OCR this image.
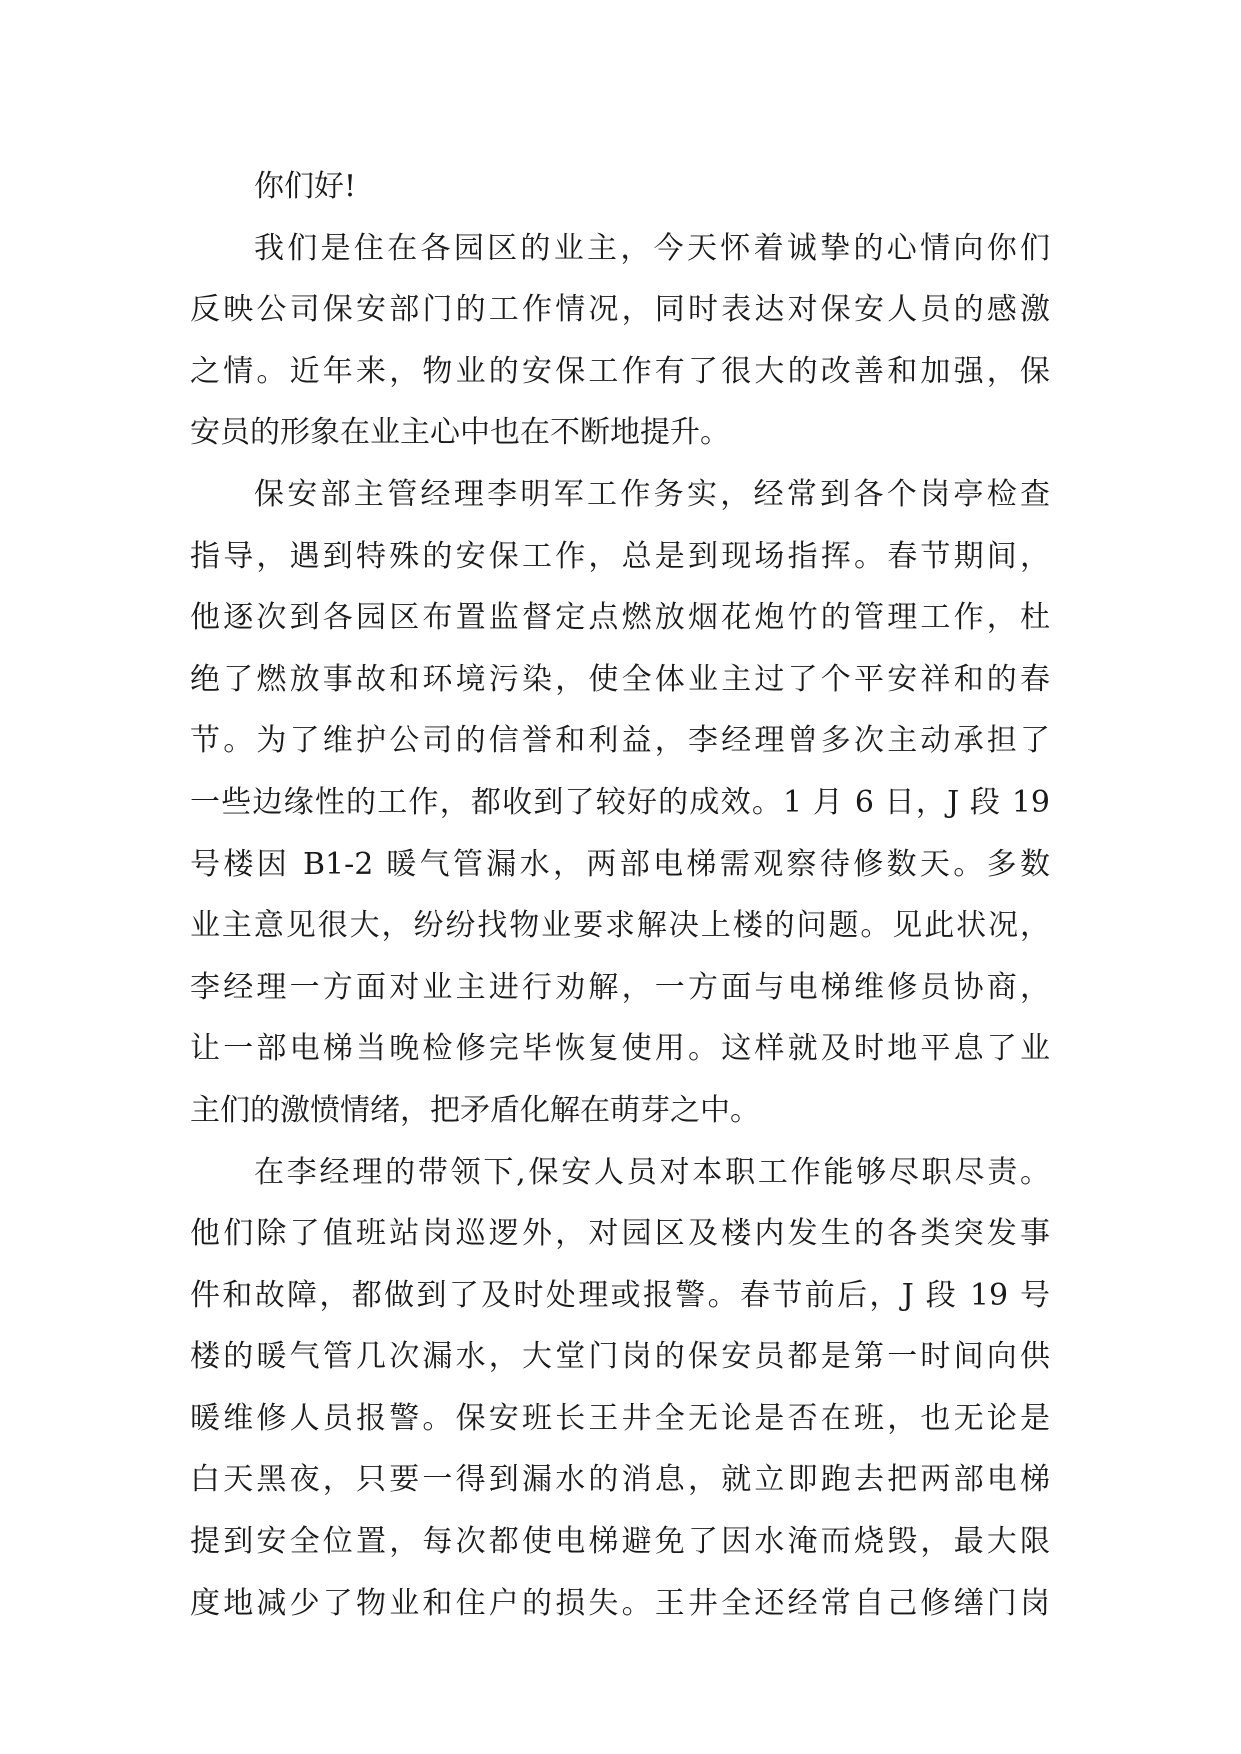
你们好!
我们是住在各园区的业主，今天怀着诚挚的心情向你们
反映公司保安部门的工作情况，同时表达对保安人员的感激
之情。近年来，物业的安保工作有了很大的改善和加强，保
安员的形象在业主心中也在不断地提升。
保安部主管经理李明军工作务实，经常到各个岗亭检查
指导，遇到特殊的安保工作，总是到现场指挥。春节期间，
他逐次到各园区布置监督定点燃放烟花炮竹的管理工作，杜
绝了燃放事故和环境污染，使全体业主过了个平安祥和的春
节。为了维护公司的信誉和利益，李经理曾多次主动承担了
一些边缘性的工作，都收到了较好的成效。1 月 6 日，J 段 19
号楼因 B1-2 暖气管漏水，两部电梯需观察待修数天。多数
业主意见很大，纷纷找物业要求解决上楼的问题。见此状况，
李经理一方面对业主进行劝解，一方面与电梯维修员协商，
让一部电梯当晚检修完毕恢复使用。这样就及时地平息了业
主们的激愤情绪，把矛盾化解在萌芽之中。
在李经理的带领下,保安人员对本职工作能够尽职尽责。
他们除了值班站岗巡逻外，对园区及楼内发生的各类突发事
件和故障，都做到了及时处理或报警。春节前后，J 段 19 号
楼的暖气管几次漏水，大堂门岗的保安员都是第一时间向供
暖维修人员报警。保安班长王井全无论是否在班，也无论是
白天黑夜，只要一得到漏水的消息，就立即跑去把两部电梯
提到安全位置，每次都使电梯避免了因水淹而烧毁，最大限
度地减少了物业和住户的损失。王井全还经常自己修缮门岗
